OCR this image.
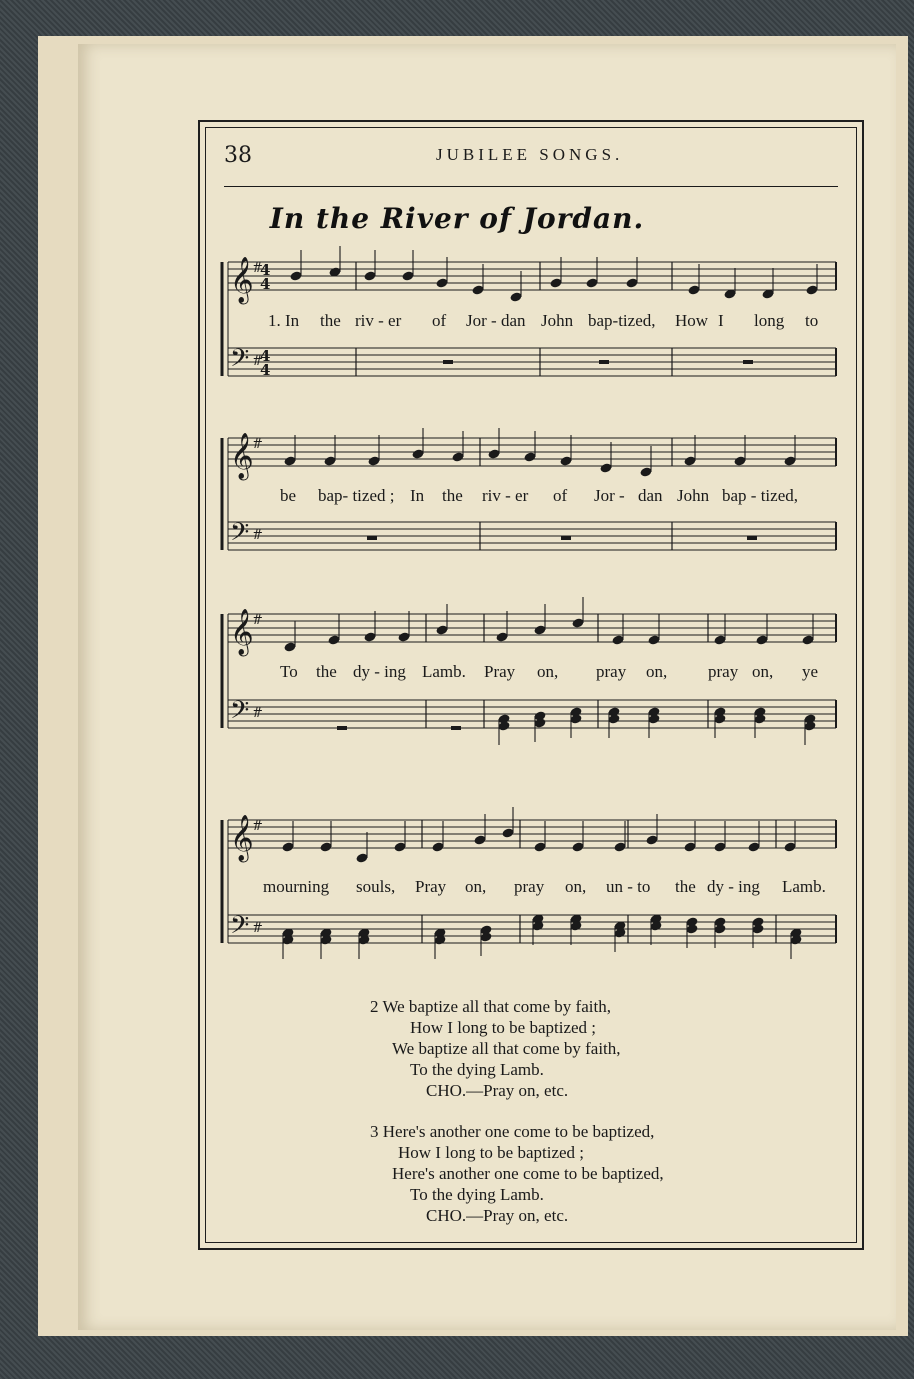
38	JUBILEE SONGS.
In the River of Jordan.
𝄞
𝄢
#
#
4
4
4
4
𝄞
𝄢
#
#
𝄞
𝄢
#
#
𝄞
𝄢
#
#
1. In the riv - er of Jor - dan John bap-tized, How I long to
be bap- tized ; In the riv - er of Jor - dan John bap - tized,
To the dy - ing Lamb. Pray on, pray on, pray on, ye
mourning souls, Pray on, pray on, un - to the dy - ing Lamb.
2 We baptize all that come by faith,
How I long to be baptized ;
We baptize all that come by faith,
To the dying Lamb.
CHO.—Pray on, etc.
3 Here's another one come to be baptized,
How I long to be baptized ;
Here's another one come to be baptized,
To the dying Lamb.
CHO.—Pray on, etc.
